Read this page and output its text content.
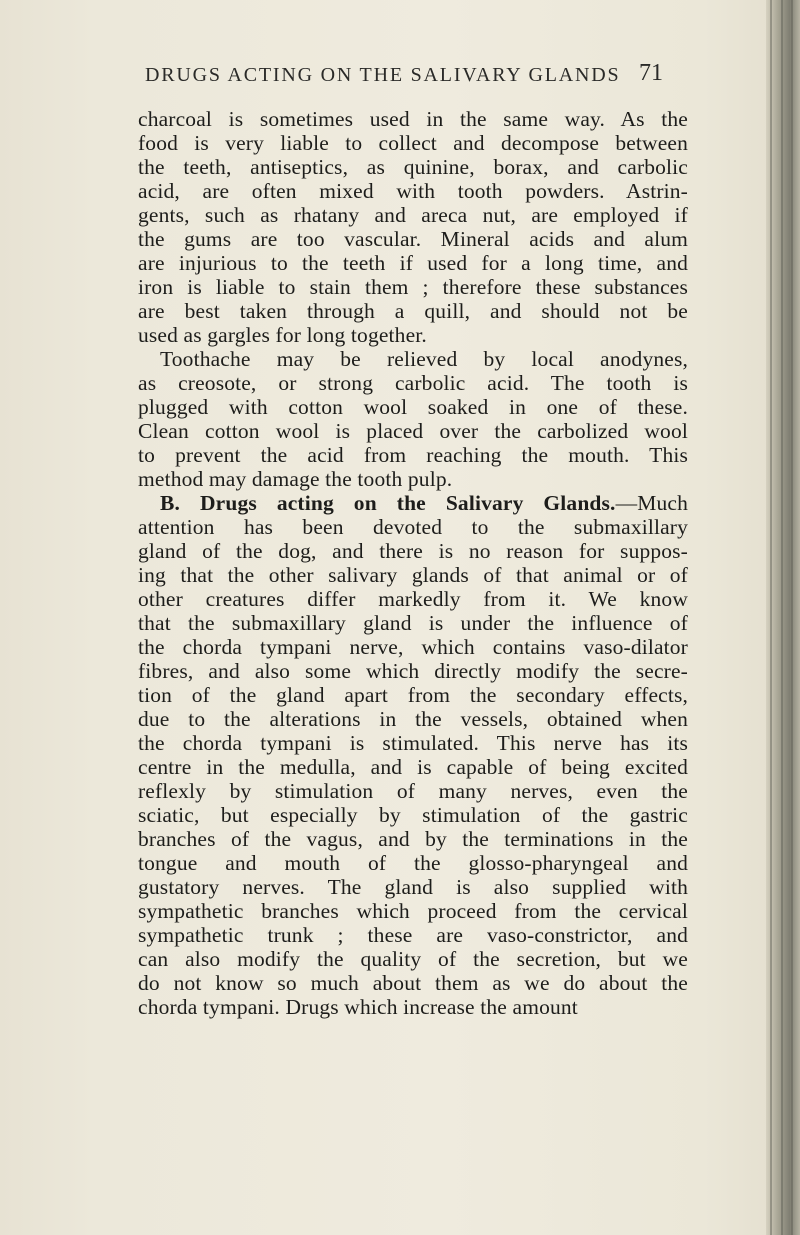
DRUGS ACTING ON THE SALIVARY GLANDS 71
charcoal is sometimes used in the same way. As the
food is very liable to collect and decompose between
the teeth, antiseptics, as quinine, borax, and carbolic
acid, are often mixed with tooth powders. Astrin-
gents, such as rhatany and areca nut, are employed if
the gums are too vascular. Mineral acids and alum
are injurious to the teeth if used for a long time, and
iron is liable to stain them ; therefore these substances
are best taken through a quill, and should not be
used as gargles for long together.
Toothache may be relieved by local anodynes,
as creosote, or strong carbolic acid. The tooth is
plugged with cotton wool soaked in one of these.
Clean cotton wool is placed over the carbolized wool
to prevent the acid from reaching the mouth. This
method may damage the tooth pulp.
B. Drugs acting on the Salivary Glands.—Much
attention has been devoted to the submaxillary
gland of the dog, and there is no reason for suppos-
ing that the other salivary glands of that animal or of
other creatures differ markedly from it. We know
that the submaxillary gland is under the influence of
the chorda tympani nerve, which contains vaso-dilator
fibres, and also some which directly modify the secre-
tion of the gland apart from the secondary effects,
due to the alterations in the vessels, obtained when
the chorda tympani is stimulated. This nerve has its
centre in the medulla, and is capable of being excited
reflexly by stimulation of many nerves, even the
sciatic, but especially by stimulation of the gastric
branches of the vagus, and by the terminations in the
tongue and mouth of the glosso-pharyngeal and
gustatory nerves. The gland is also supplied with
sympathetic branches which proceed from the cervical
sympathetic trunk ; these are vaso-constrictor, and
can also modify the quality of the secretion, but we
do not know so much about them as we do about the
chorda tympani. Drugs which increase the amount
